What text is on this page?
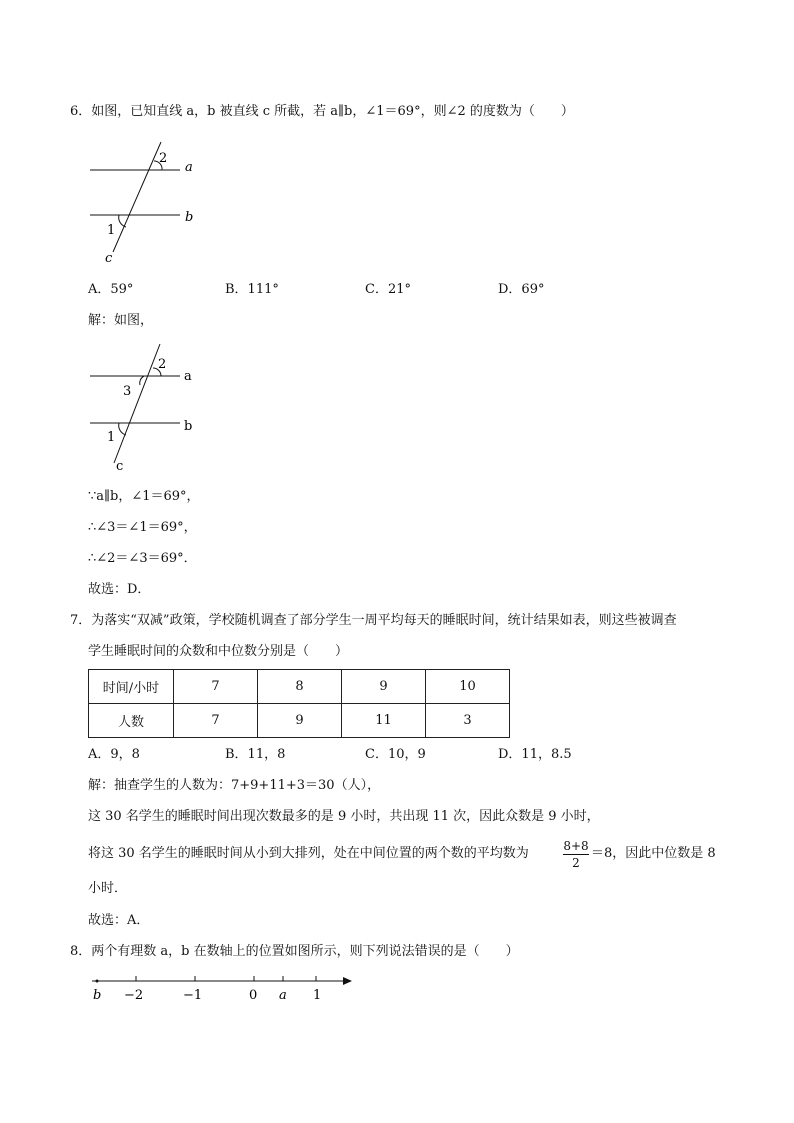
6．如图，已知直线 a，b 被直线 c 所截，若 a∥b，∠1＝69°，则∠2 的度数为（　　）
2
a
b
1
c
A．59°	B．111°	C．21°	D．69°
解：如图，
2
3
a
b
1
c
∵a∥b，∠1＝69°，
∴∠3＝∠1＝69°，
∴∠2＝∠3＝69°．
故选：D．
7．为落实“双减”政策，学校随机调查了部分学生一周平均每天的睡眠时间，统计结果如表，则这些被调查
学生睡眠时间的众数和中位数分别是（　　）
时间/小时	7	8	9	10
人数	7	9	11	3
A．9，8	B．11，8	C．10，9	D．11，8.5
解：抽查学生的人数为：7+9+11+3＝30（人），
这 30 名学生的睡眠时间出现次数最多的是 9 小时，共出现 11 次，因此众数是 9 小时，
将这 30 名学生的睡眠时间从小到大排列，处在中间位置的两个数的平均数为	8+8
2
＝8，因此中位数是 8
小时．
故选：A．
8．两个有理数 a，b 在数轴上的位置如图所示，则下列说法错误的是（　　）
b −2	−1	0 a 1
